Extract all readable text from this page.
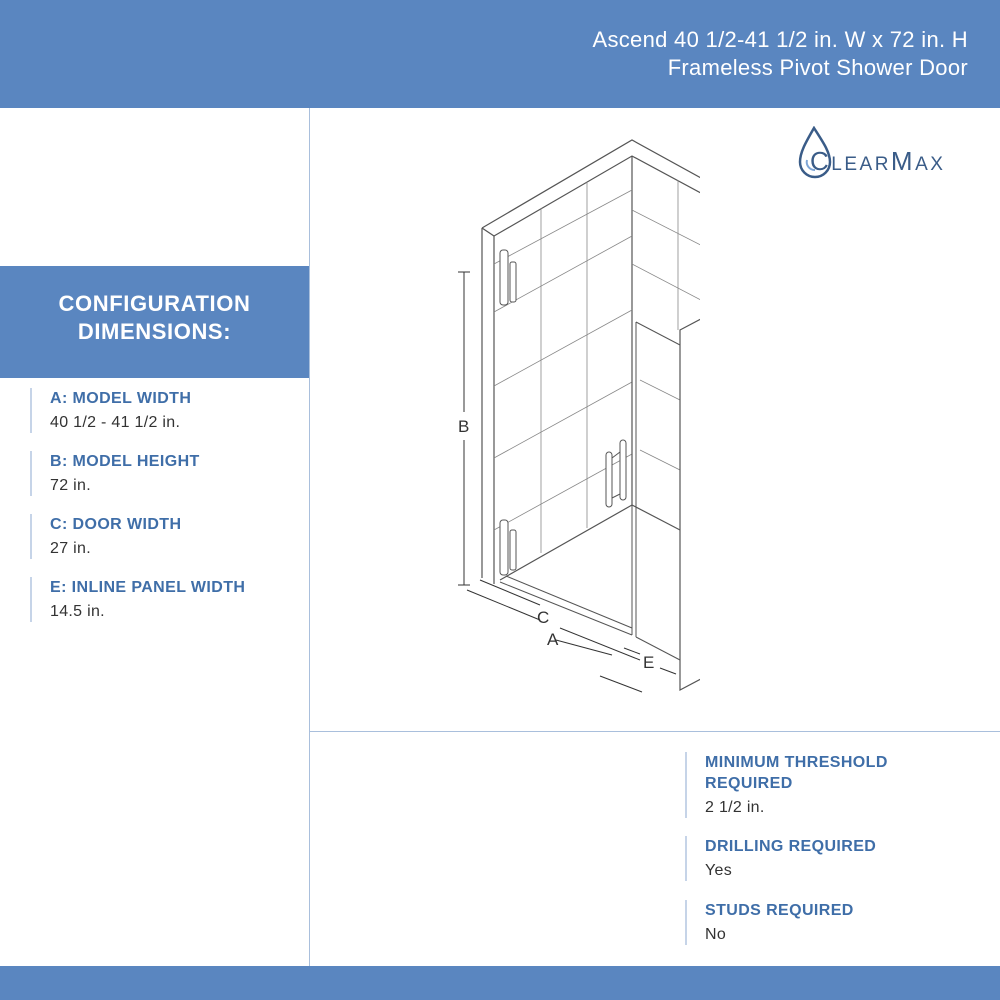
Ascend 40 1/2-41 1/2 in. W x 72 in. H
Frameless Pivot Shower Door
CONFIGURATION
DIMENSIONS:
A: MODEL WIDTH
40 1/2 - 41 1/2 in.
B: MODEL HEIGHT
72 in.
C: DOOR WIDTH
27 in.
E: INLINE PANEL WIDTH
14.5 in.
MINIMUM THRESHOLD
REQUIRED
2 1/2 in.
DRILLING REQUIRED
Yes
STUDS REQUIRED
No
CLEARMAX
B
C
A
E
